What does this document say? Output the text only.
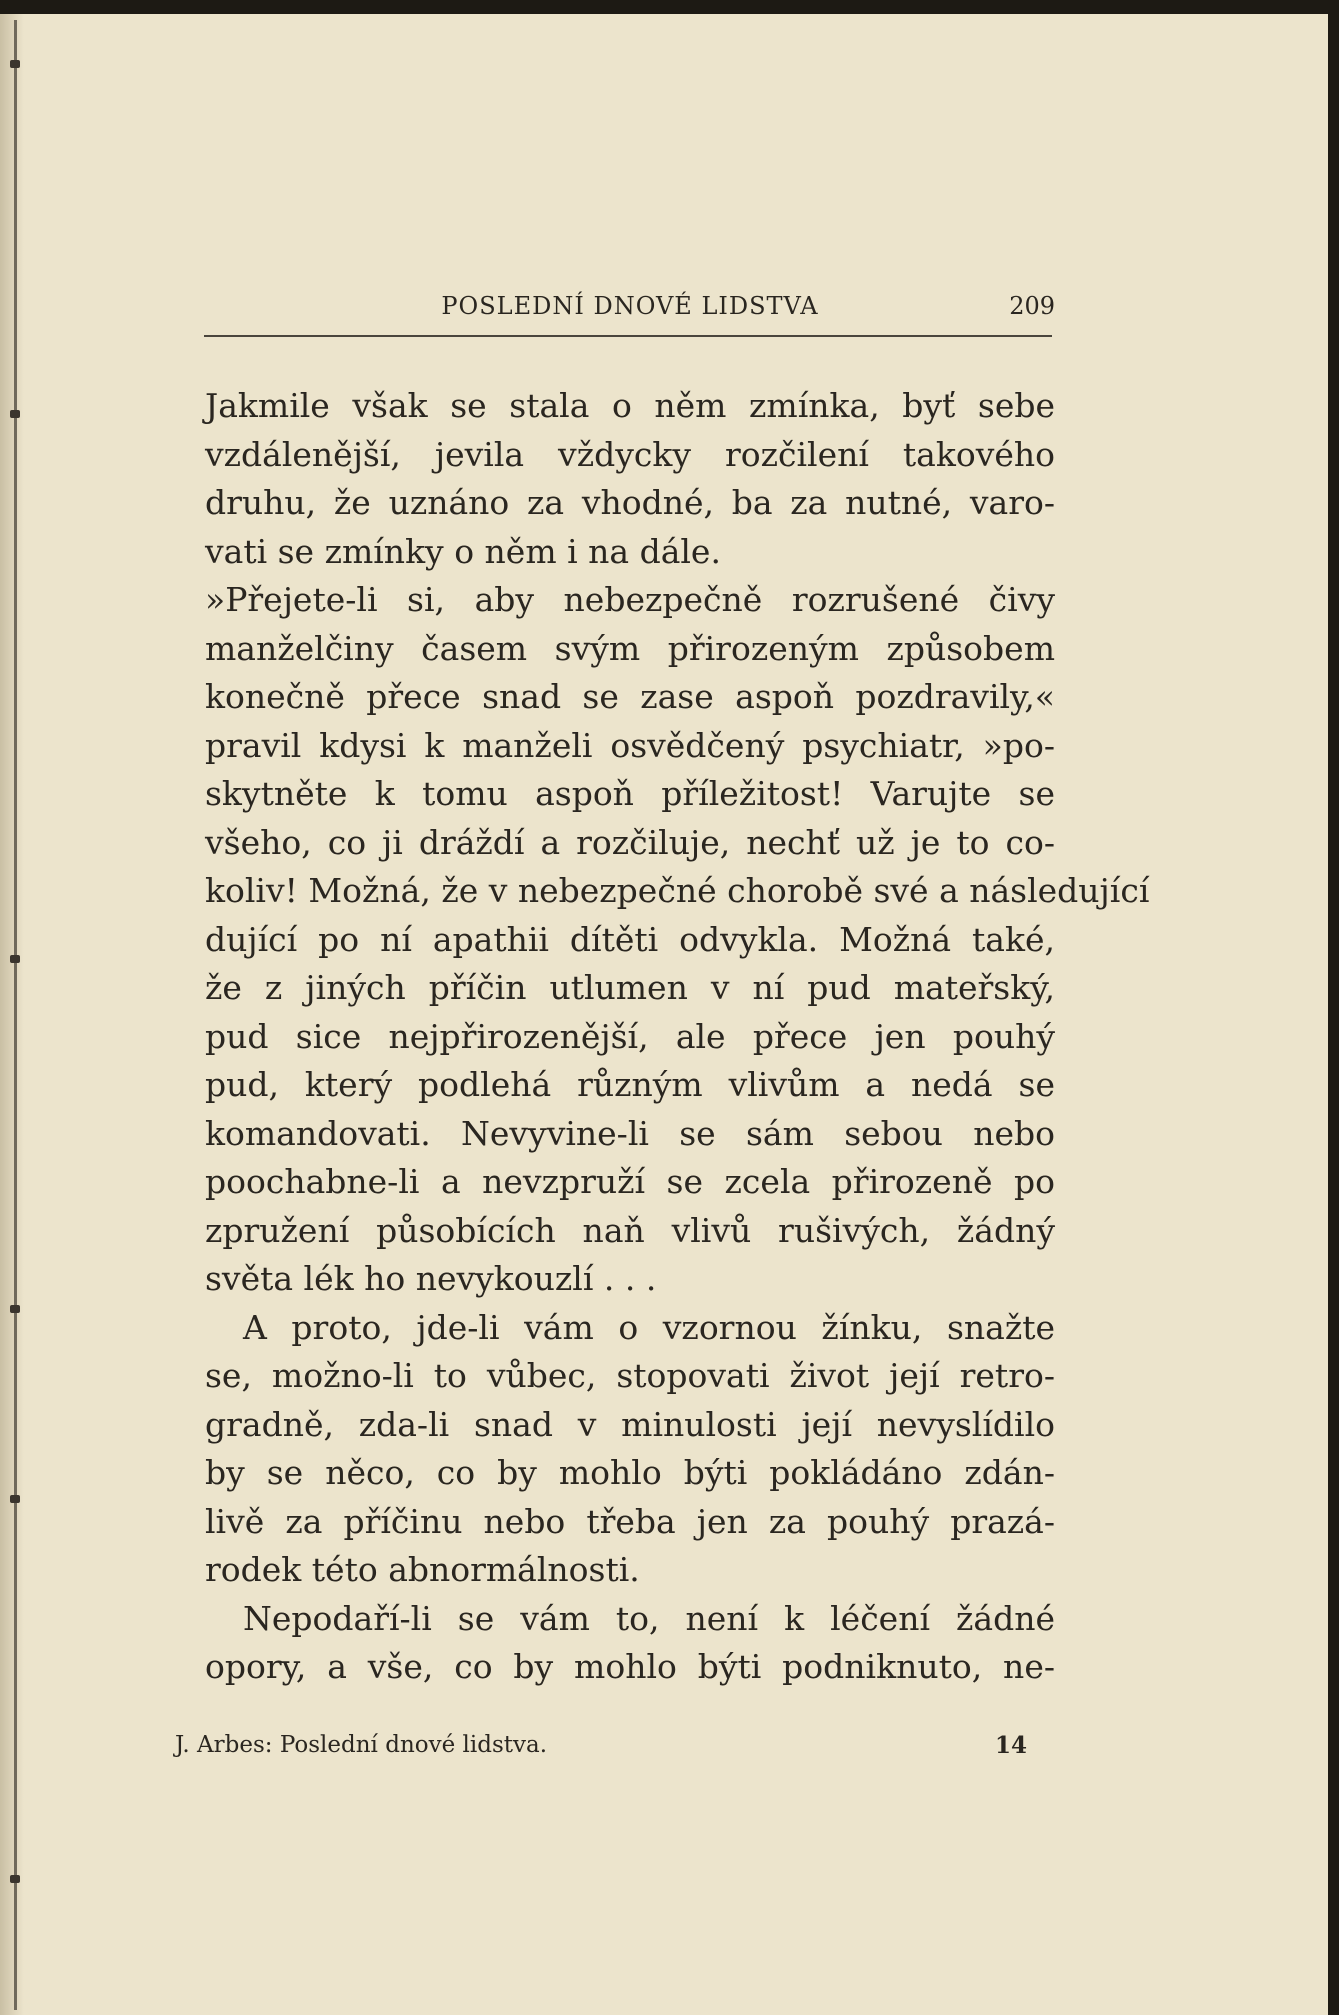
POSLEDNÍ DNOVÉ LIDSTVA	209
Jakmile však se stala o něm zmínka, byť sebe
vzdálenější, jevila vždycky rozčilení takového
druhu, že uznáno za vhodné, ba za nutné, varo-
vati se zmínky o něm i na dále.
»Přejete-li si, aby nebezpečně rozrušené čivy
manželčiny časem svým přirozeným způsobem
konečně přece snad se zase aspoň pozdravily,«
pravil kdysi k manželi osvědčený psychiatr, »po-
skytněte k tomu aspoň příležitost! Varujte se
všeho, co ji dráždí a rozčiluje, nechť už je to co-
koliv! Možná, že v nebezpečné chorobě své a následující
dující po ní apathii dítěti odvykla. Možná také,
že z jiných příčin utlumen v ní pud mateřský,
pud sice nejpřirozenější, ale přece jen pouhý
pud, který podlehá různým vlivům a nedá se
komandovati. Nevyvine-li se sám sebou nebo
poochabne-li a nevzpruží se zcela přirozeně po
zpružení působících naň vlivů rušivých, žádný
světa lék ho nevykouzlí . . .
A proto, jde-li vám o vzornou žínku, snažte
se, možno-li to vůbec, stopovati život její retro-
gradně, zda-li snad v minulosti její nevyslídilo
by se něco, co by mohlo býti pokládáno zdán-
livě za příčinu nebo třeba jen za pouhý prazá-
rodek této abnormálnosti.
Nepodaří-li se vám to, není k léčení žádné
opory, a vše, co by mohlo býti podniknuto, ne-
J. Arbes: Poslední dnové lidstva.	14
